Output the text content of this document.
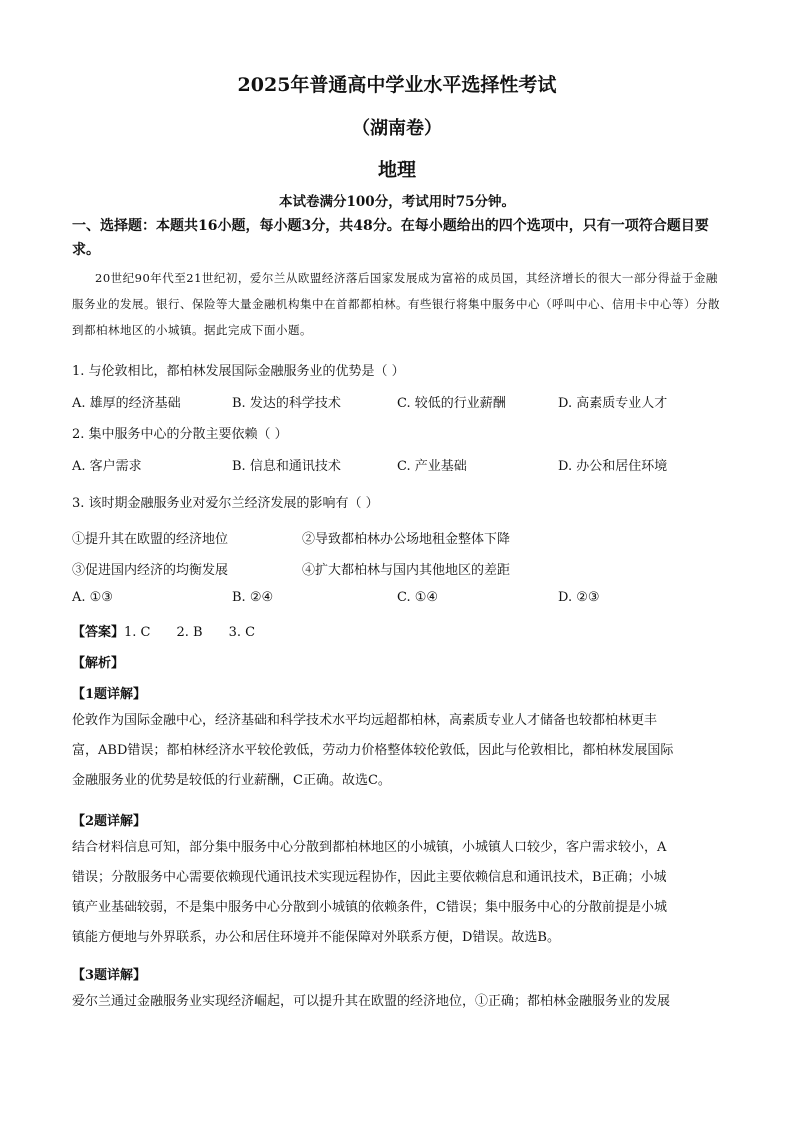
2025年普通高中学业水平选择性考试
（湖南卷）
地理
本试卷满分100分，考试用时75分钟。
一、选择题：本题共16小题，每小题3分，共48分。在每小题给出的四个选项中，只有一项符合题目要求。
20世纪90年代至21世纪初，爱尔兰从欧盟经济落后国家发展成为富裕的成员国，其经济增长的很大一部分得益于金融服务业的发展。银行、保险等大量金融机构集中在首都都柏林。有些银行将集中服务中心（呼叫中心、信用卡中心等）分散到都柏林地区的小城镇。据此完成下面小题。
1. 与伦敦相比，都柏林发展国际金融服务业的优势是（ ）
A. 雄厚的经济基础	B. 发达的科学技术	C. 较低的行业薪酬	D. 高素质专业人才
2. 集中服务中心的分散主要依赖（ ）
A. 客户需求	B. 信息和通讯技术	C. 产业基础	D. 办公和居住环境
3. 该时期金融服务业对爱尔兰经济发展的影响有（ ）
①提升其在欧盟的经济地位	②导致都柏林办公场地租金整体下降
③促进国内经济的均衡发展	④扩大都柏林与国内其他地区的差距
A. ①③	B. ②④	C. ①④	D. ②③
【答案】1. C 2. B 3. C
【解析】
【1题详解】
伦敦作为国际金融中心，经济基础和科学技术水平均远超都柏林，高素质专业人才储备也较都柏林更丰
富，ABD错误；都柏林经济水平较伦敦低，劳动力价格整体较伦敦低，因此与伦敦相比，都柏林发展国际
金融服务业的优势是较低的行业薪酬，C正确。故选C。
【2题详解】
结合材料信息可知，部分集中服务中心分散到都柏林地区的小城镇，小城镇人口较少，客户需求较小，A
错误；分散服务中心需要依赖现代通讯技术实现远程协作，因此主要依赖信息和通讯技术，B正确；小城
镇产业基础较弱，不是集中服务中心分散到小城镇的依赖条件，C错误；集中服务中心的分散前提是小城
镇能方便地与外界联系，办公和居住环境并不能保障对外联系方便，D错误。故选B。
【3题详解】
爱尔兰通过金融服务业实现经济崛起，可以提升其在欧盟的经济地位，①正确；都柏林金融服务业的发展
